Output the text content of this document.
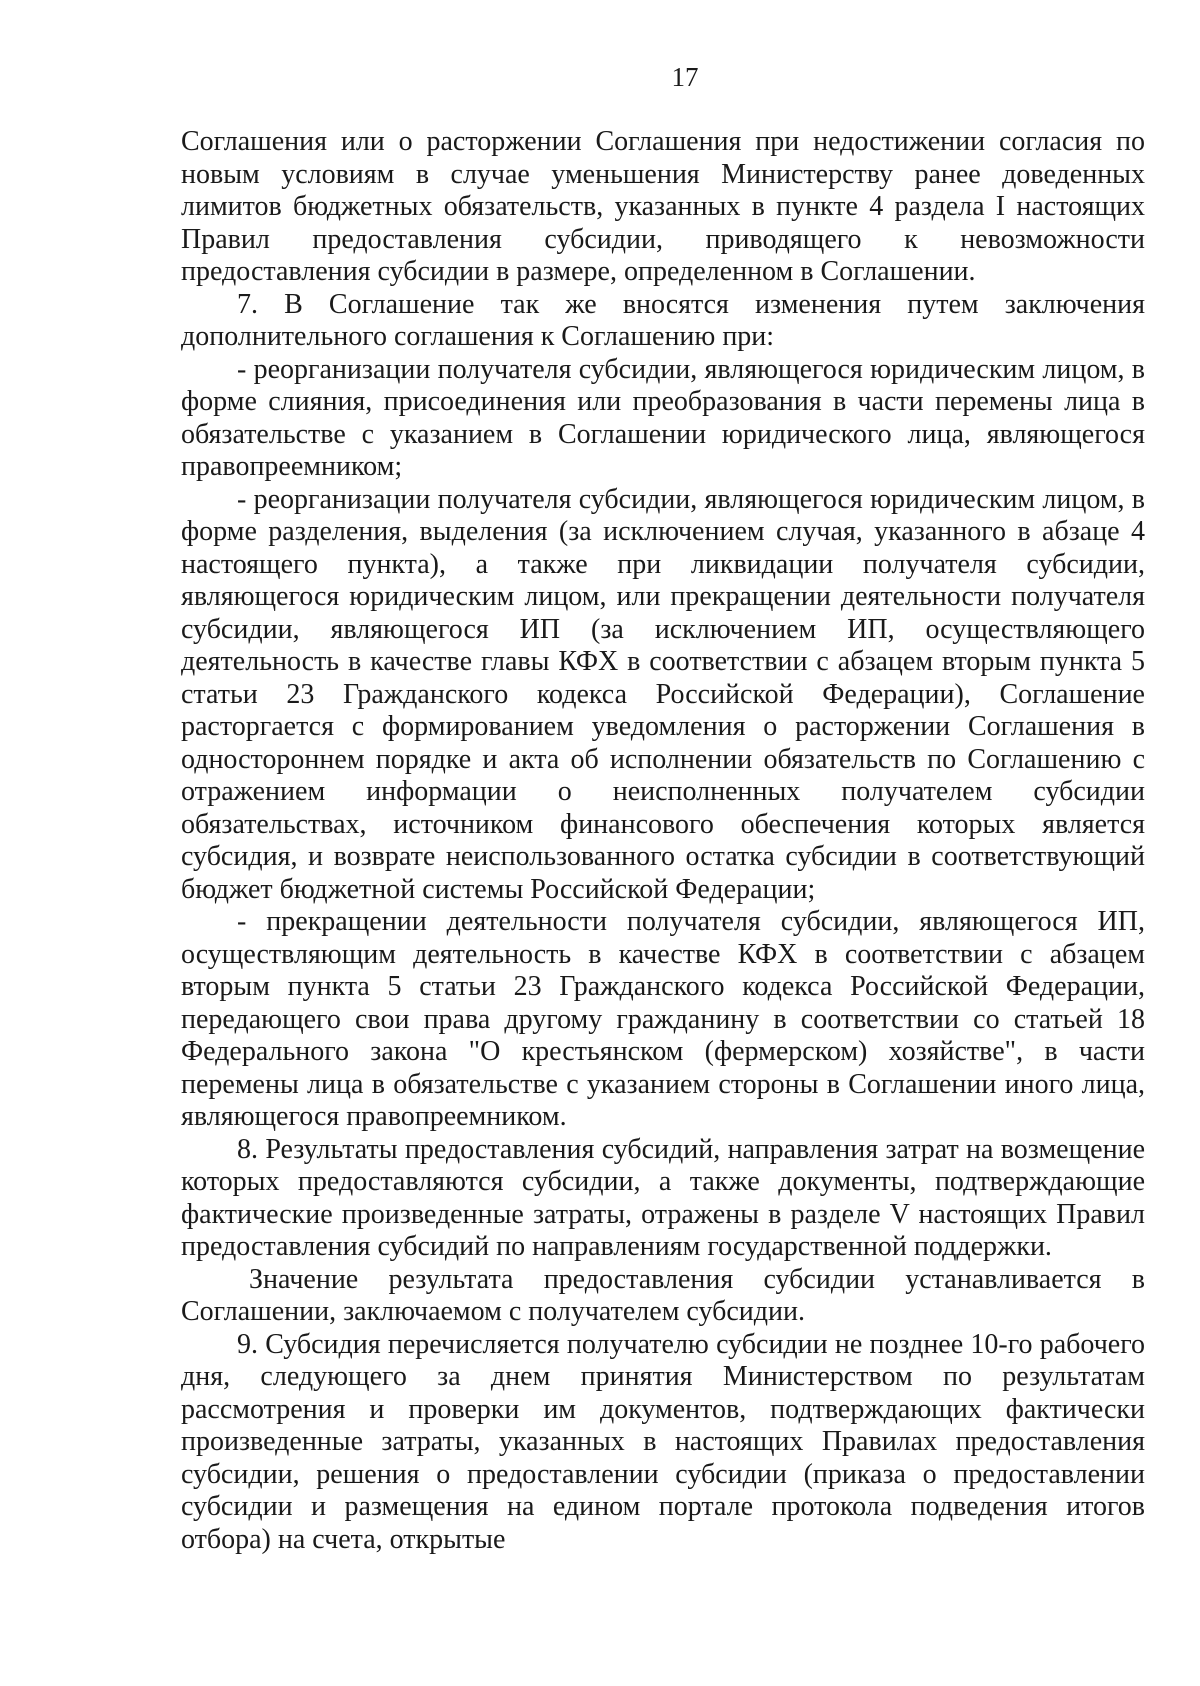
17

Соглашения или о расторжении Соглашения при недостижении согласия по новым условиям в случае уменьшения Министерству ранее доведенных лимитов бюджетных обязательств, указанных в пункте 4 раздела I настоящих Правил предоставления субсидии, приводящего к невозможности предоставления субсидии в размере, определенном в Соглашении.

7. В Соглашение так же вносятся изменения путем заключения дополнительного соглашения к Соглашению при:

- реорганизации получателя субсидии, являющегося юридическим лицом, в форме слияния, присоединения или преобразования в части перемены лица в обязательстве с указанием в Соглашении юридического лица, являющегося правопреемником;

- реорганизации получателя субсидии, являющегося юридическим лицом, в форме разделения, выделения (за исключением случая, указанного в абзаце 4 настоящего пункта), а также при ликвидации получателя субсидии, являющегося юридическим лицом, или прекращении деятельности получателя субсидии, являющегося ИП (за исключением ИП, осуществляющего деятельность в качестве главы КФХ в соответствии с абзацем вторым пункта 5 статьи 23 Гражданского кодекса Российской Федерации), Соглашение расторгается с формированием уведомления о расторжении Соглашения в одностороннем порядке и акта об исполнении обязательств по Соглашению с отражением информации о неисполненных получателем субсидии обязательствах, источником финансового обеспечения которых является субсидия, и возврате неиспользованного остатка субсидии в соответствующий бюджет бюджетной системы Российской Федерации;

- прекращении деятельности получателя субсидии, являющегося ИП, осуществляющим деятельность в качестве КФХ в соответствии с абзацем вторым пункта 5 статьи 23 Гражданского кодекса Российской Федерации, передающего свои права другому гражданину в соответствии со статьей 18 Федерального закона "О крестьянском (фермерском) хозяйстве", в части перемены лица в обязательстве с указанием стороны в Соглашении иного лица, являющегося правопреемником.

8. Результаты предоставления субсидий, направления затрат на возмещение которых предоставляются субсидии, а также документы, подтверждающие фактические произведенные затраты, отражены в разделе V настоящих Правил предоставления субсидий по направлениям государственной поддержки.

Значение результата предоставления субсидии устанавливается в Соглашении, заключаемом с получателем субсидии.

9. Субсидия перечисляется получателю субсидии не позднее 10-го рабочего дня, следующего за днем принятия Министерством по результатам рассмотрения и проверки им документов, подтверждающих фактически произведенные затраты, указанных в настоящих Правилах предоставления субсидии, решения о предоставлении субсидии (приказа о предоставлении субсидии и размещения на едином портале протокола подведения итогов отбора) на счета, открытые
